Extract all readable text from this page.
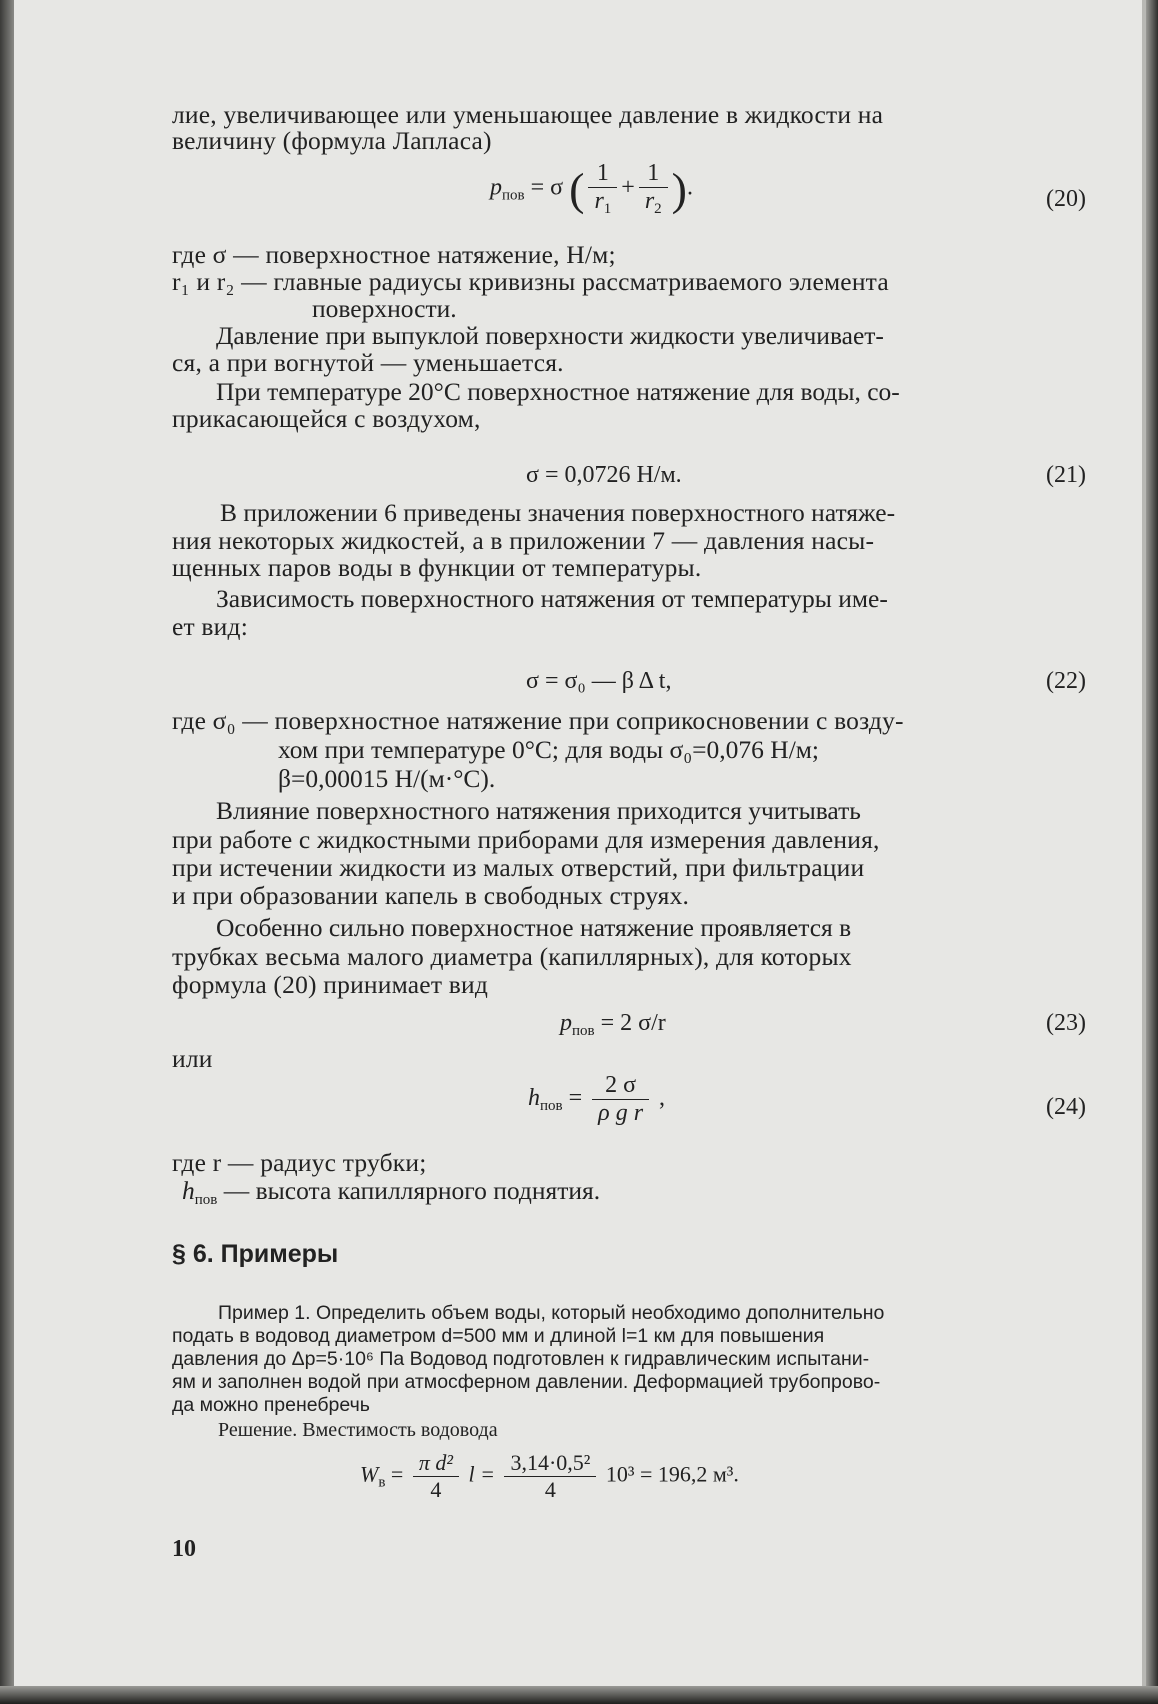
лие, увеличивающее или уменьшающее давление в жидкости на
величину (формула Лапласа)
$p_{пов} = \sigma$ ( $\frac{1}{r_1} + \frac{1}{r_2}$ ).	(20)
где σ — поверхностное натяжение, Н/м;
r₁ и r₂ — главные радиусы кривизны рассматриваемого элемента
поверхности.
Давление при выпуклой поверхности жидкости увеличивает-
ся, а при вогнутой — уменьшается.
При температуре 20°С поверхностное натяжение для воды, со-
прикасающейся с воздухом,
σ = 0,0726 Н/м.	(21)
В приложении 6 приведены значения поверхностного натяже-
ния некоторых жидкостей, а в приложении 7 — давления насы-
щенных паров воды в функции от температуры.
Зависимость поверхностного натяжения от температуры име-
ет вид:
σ = σ₀ — β Δ t,	(22)
где σ₀ — поверхностное натяжение при соприкосновении с возду-
хом при температуре 0°С; для воды σ₀=0,076 Н/м;
β=0,00015 Н/(м·°С).
Влияние поверхностного натяжения приходится учитывать
при работе с жидкостными приборами для измерения давления,
при истечении жидкости из малых отверстий, при фильтрации
и при образовании капель в свободных струях.
Особенно сильно поверхностное натяжение проявляется в
трубках весьма малого диаметра (капиллярных), для которых
формула (20) принимает вид
$p_{пов} = 2$ σ/r	(23)
или
$h_{пов} = \frac{2 \sigma}{\text{ρ g r}}$ ,	(24)
где r — радиус трубки;
$h_{пов}$ — высота капиллярного поднятия.
§ 6. Примеры
Пример 1. Определить объем воды, который необходимо дополнительно
подать в водовод диаметром d=500 мм и длиной l=1 км для повышения
давления до Δp=5·10⁶ Па Водовод подготовлен к гидравлическим испытани-
ям и заполнен водой при атмосферном давлении. Деформацией трубопрово-
да можно пренебречь
Решение. Вместимость водовода
$W_в = \frac{\text{π d²}}{4}$ $l = \frac{\text{3,14·0,5²}}{4} 10^3 = 196,2$ м³.
10
